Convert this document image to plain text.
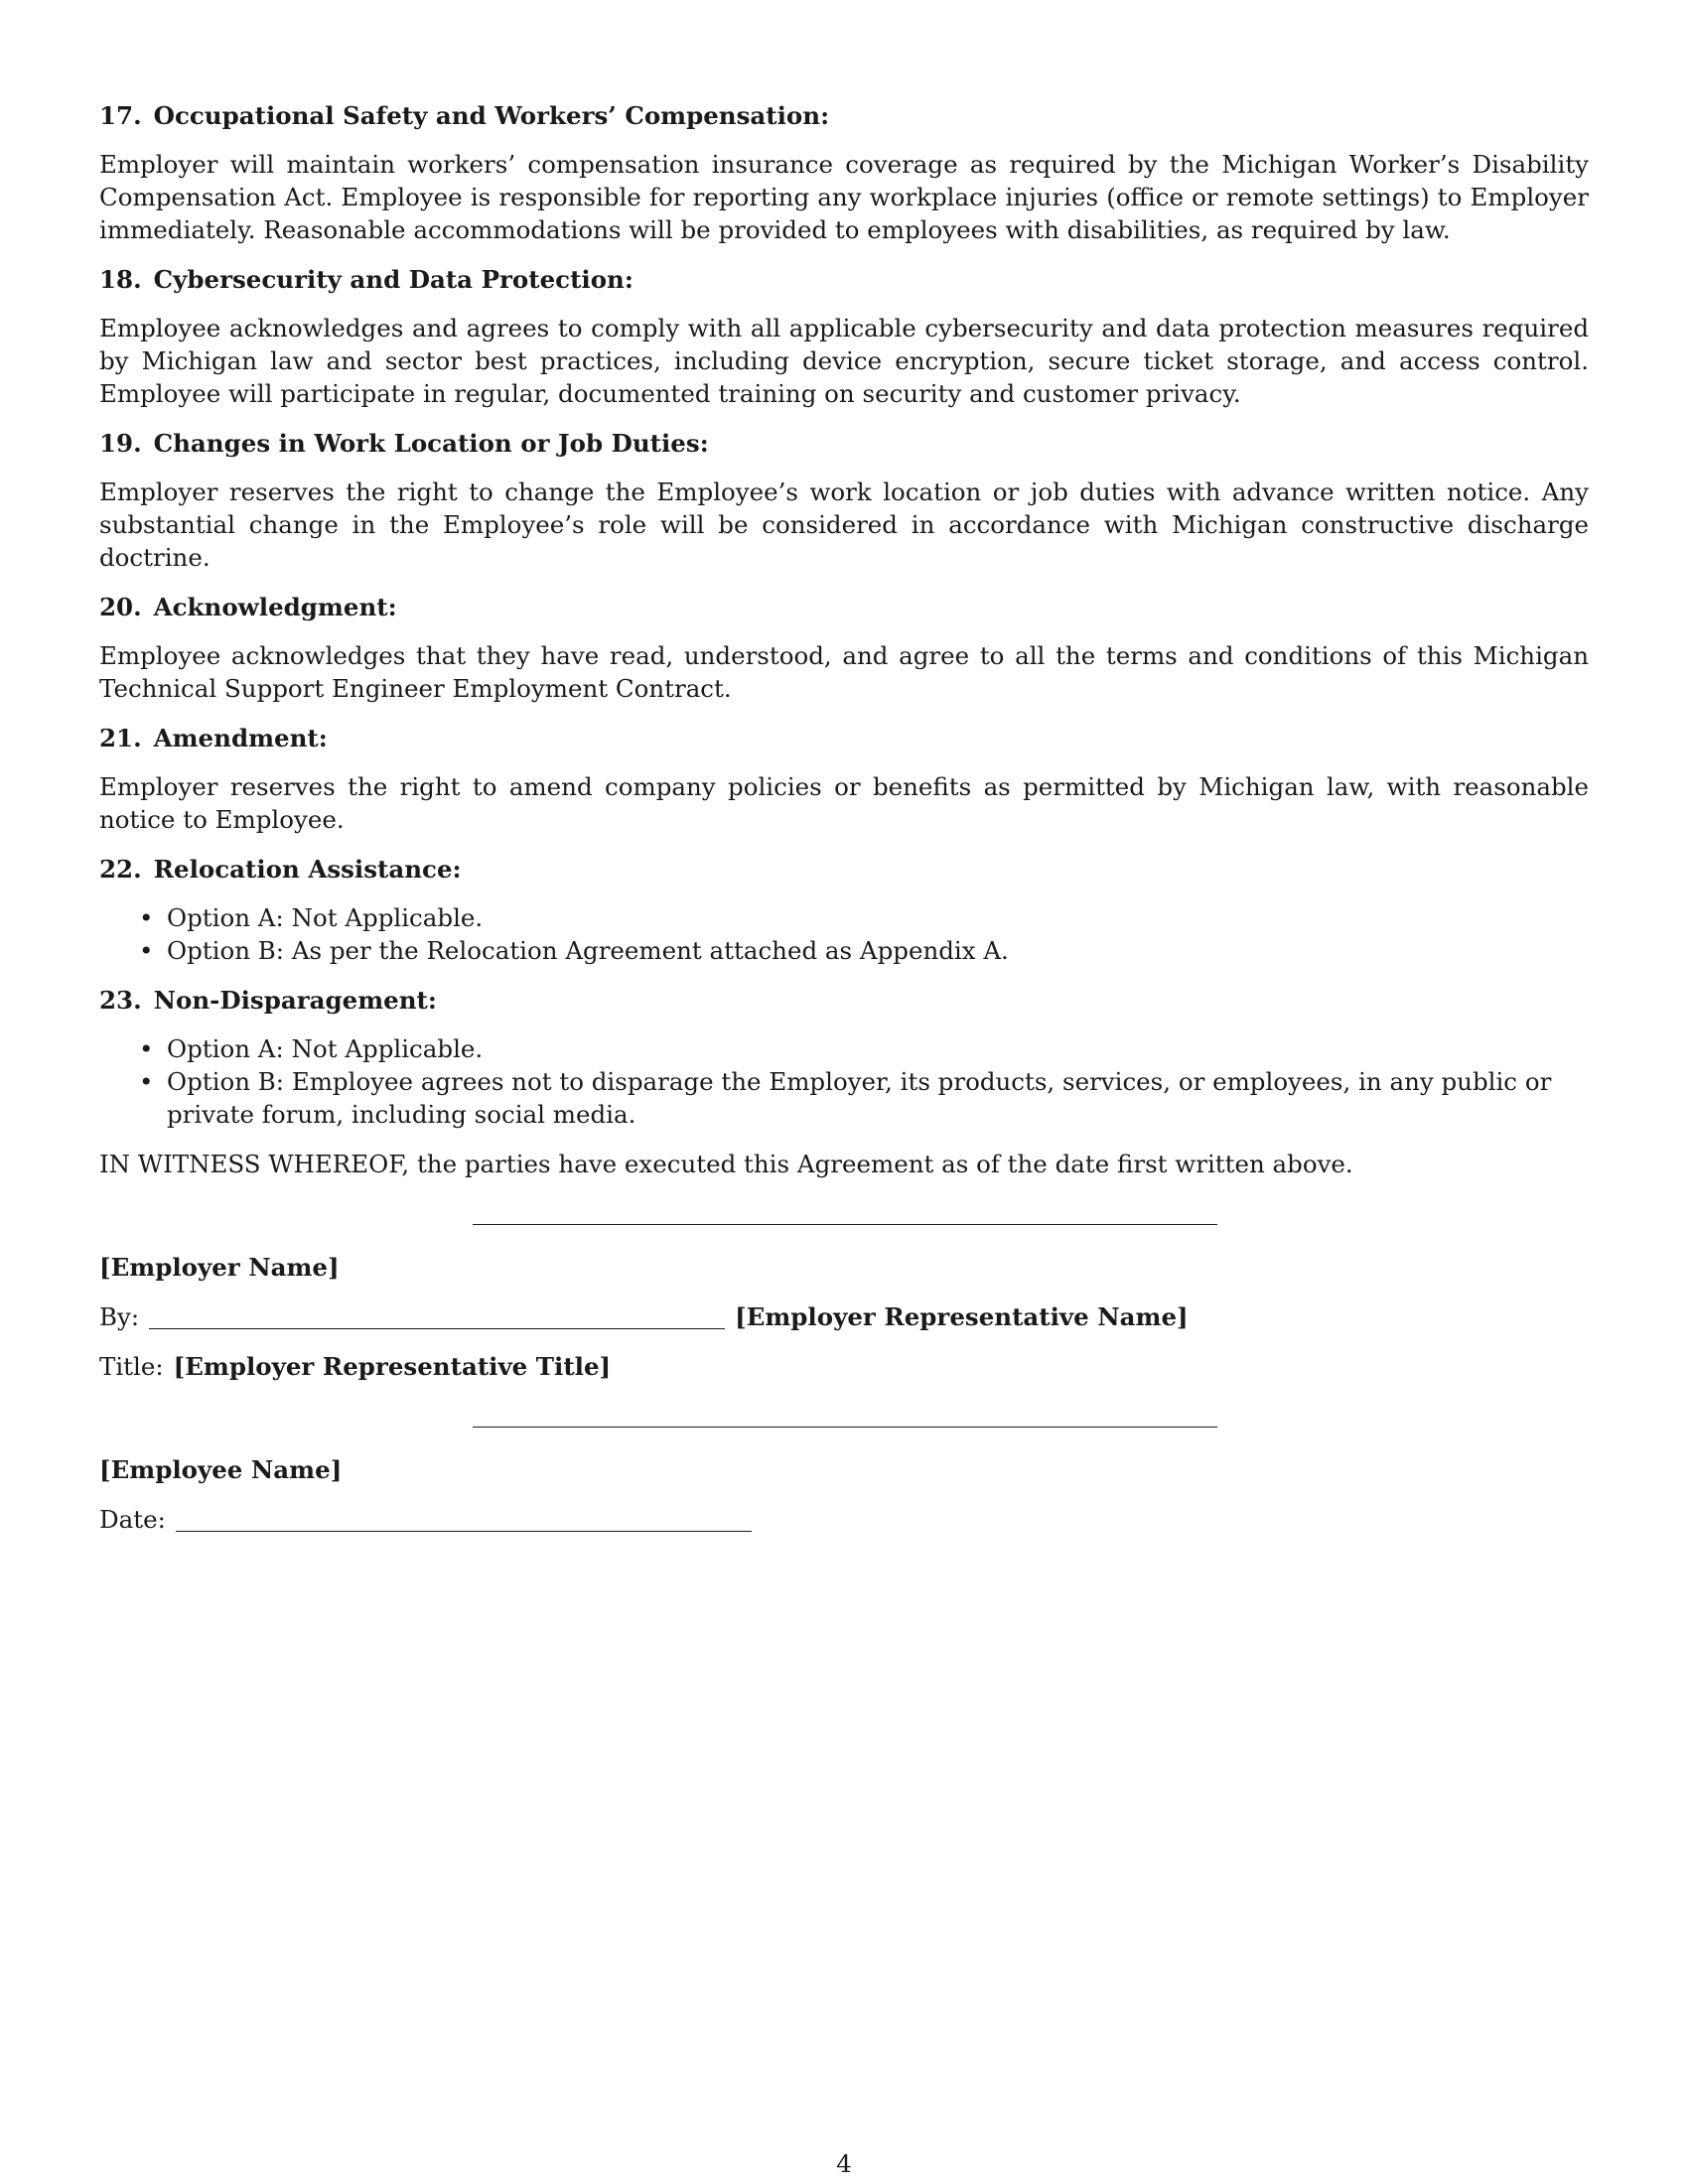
17. Occupational Safety and Workers’ Compensation:

Employer will maintain workers’ compensation insurance coverage as required by the Michigan Worker’s Disability Compensation Act. Employee is responsible for reporting any workplace injuries (office or remote settings) to Employer immediately. Reasonable accommodations will be provided to employees with disabilities, as required by law.

18. Cybersecurity and Data Protection:

Employee acknowledges and agrees to comply with all applicable cybersecurity and data protection measures required by Michigan law and sector best practices, including device encryption, secure ticket storage, and access control. Employee will participate in regular, documented training on security and customer privacy.

19. Changes in Work Location or Job Duties:

Employer reserves the right to change the Employee’s work location or job duties with advance written notice. Any substantial change in the Employee’s role will be considered in accordance with Michigan constructive discharge doctrine.

20. Acknowledgment:

Employee acknowledges that they have read, understood, and agree to all the terms and conditions of this Michigan Technical Support Engineer Employment Contract.

21. Amendment:

Employer reserves the right to amend company policies or benefits as permitted by Michigan law, with reasonable notice to Employee.

22. Relocation Assistance:
• Option A: Not Applicable.
• Option B: As per the Relocation Agreement attached as Appendix A.
23. Non-Disparagement:
• Option A: Not Applicable.
• Option B: Employee agrees not to disparage the Employer, its products, services, or employees, in any public or private forum, including social media.

IN WITNESS WHEREOF, the parties have executed this Agreement as of the date first written above.

[Employer Name]
By:	[Employer Representative Name]
Title: [Employer Representative Title]
[Employee Name]
Date:
4
